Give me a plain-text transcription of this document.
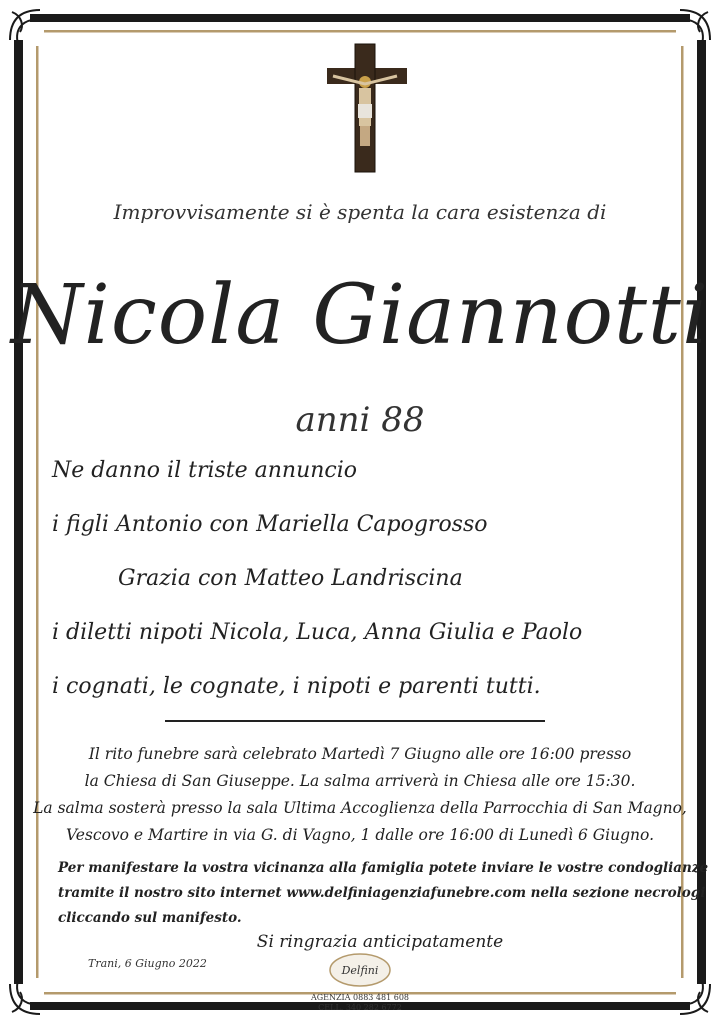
Improvvisamente si è spenta la cara esistenza di
Nicola Giannotti
anni 88
Ne danno il triste annuncio
i figli Antonio con Mariella Capogrosso
Grazia con Matteo Landriscina
i diletti nipoti Nicola, Luca, Anna Giulia e Paolo
i cognati, le cognate, i nipoti e parenti tutti.
Il rito funebre sarà celebrato Martedì 7 Giugno alle ore 16:00 presso
la Chiesa di San Giuseppe. La salma arriverà in Chiesa alle ore 15:30.
La salma sosterà presso la sala Ultima Accoglienza della Parrocchia di San Magno,
Vescovo e Martire in via G. di Vagno, 1 dalle ore 16:00 di Lunedì 6 Giugno.
Per manifestare la vostra vicinanza alla famiglia potete inviare le vostre condoglianze
tramite il nostro sito internet www.delfiniagenziafunebre.com nella sezione necrologi
cliccando sul manifesto.
Si ringrazia anticipatamente
Trani, 6 Giugno 2022
Delfini
AGENZIA 0883 481 608
CELL. 340 282 6772
